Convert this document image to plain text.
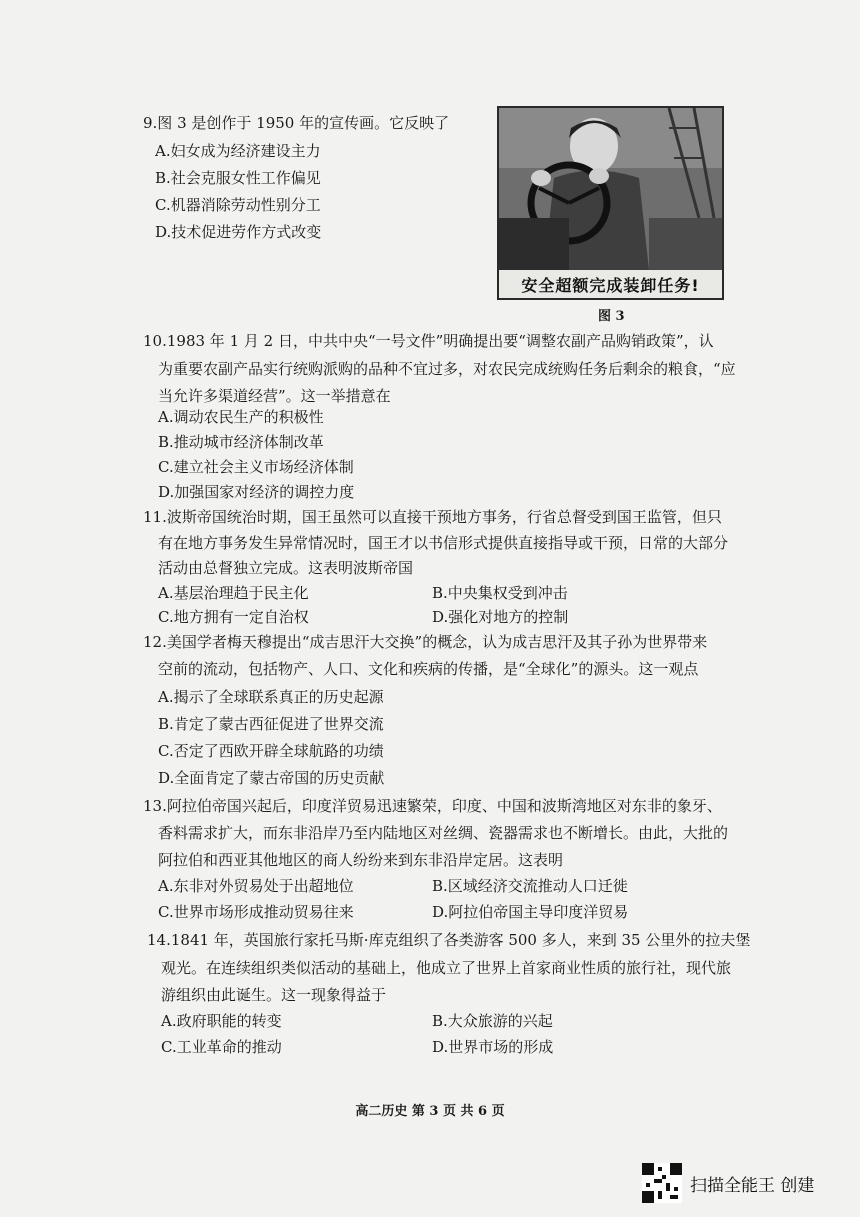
9.图 3 是创作于 1950 年的宣传画。它反映了
A.妇女成为经济建设主力
B.社会克服女性工作偏见
C.机器消除劳动性别分工
D.技术促进劳作方式改变
安全超额完成装卸任务!
图 3
10.1983 年 1 月 2 日，中共中央“一号文件”明确提出要“调整农副产品购销政策”，认
为重要农副产品实行统购派购的品种不宜过多，对农民完成统购任务后剩余的粮食，“应
当允许多渠道经营”。这一举措意在
A.调动农民生产的积极性
B.推动城市经济体制改革
C.建立社会主义市场经济体制
D.加强国家对经济的调控力度
11.波斯帝国统治时期，国王虽然可以直接干预地方事务，行省总督受到国王监管，但只
有在地方事务发生异常情况时，国王才以书信形式提供直接指导或干预，日常的大部分
活动由总督独立完成。这表明波斯帝国
A.基层治理趋于民主化	B.中央集权受到冲击
C.地方拥有一定自治权	D.强化对地方的控制
12.美国学者梅天穆提出“成吉思汗大交换”的概念，认为成吉思汗及其子孙为世界带来
空前的流动，包括物产、人口、文化和疾病的传播，是“全球化”的源头。这一观点
A.揭示了全球联系真正的历史起源
B.肯定了蒙古西征促进了世界交流
C.否定了西欧开辟全球航路的功绩
D.全面肯定了蒙古帝国的历史贡献
13.阿拉伯帝国兴起后，印度洋贸易迅速繁荣，印度、中国和波斯湾地区对东非的象牙、
香料需求扩大，而东非沿岸乃至内陆地区对丝绸、瓷器需求也不断增长。由此，大批的
阿拉伯和西亚其他地区的商人纷纷来到东非沿岸定居。这表明
A.东非对外贸易处于出超地位	B.区域经济交流推动人口迁徙
C.世界市场形成推动贸易往来	D.阿拉伯帝国主导印度洋贸易
14.1841 年，英国旅行家托马斯·库克组织了各类游客 500 多人，来到 35 公里外的拉夫堡
观光。在连续组织类似活动的基础上，他成立了世界上首家商业性质的旅行社，现代旅
游组织由此诞生。这一现象得益于
A.政府职能的转变	B.大众旅游的兴起
C.工业革命的推动	D.世界市场的形成
高二历史 第 3 页 共 6 页
扫描全能王 创建
